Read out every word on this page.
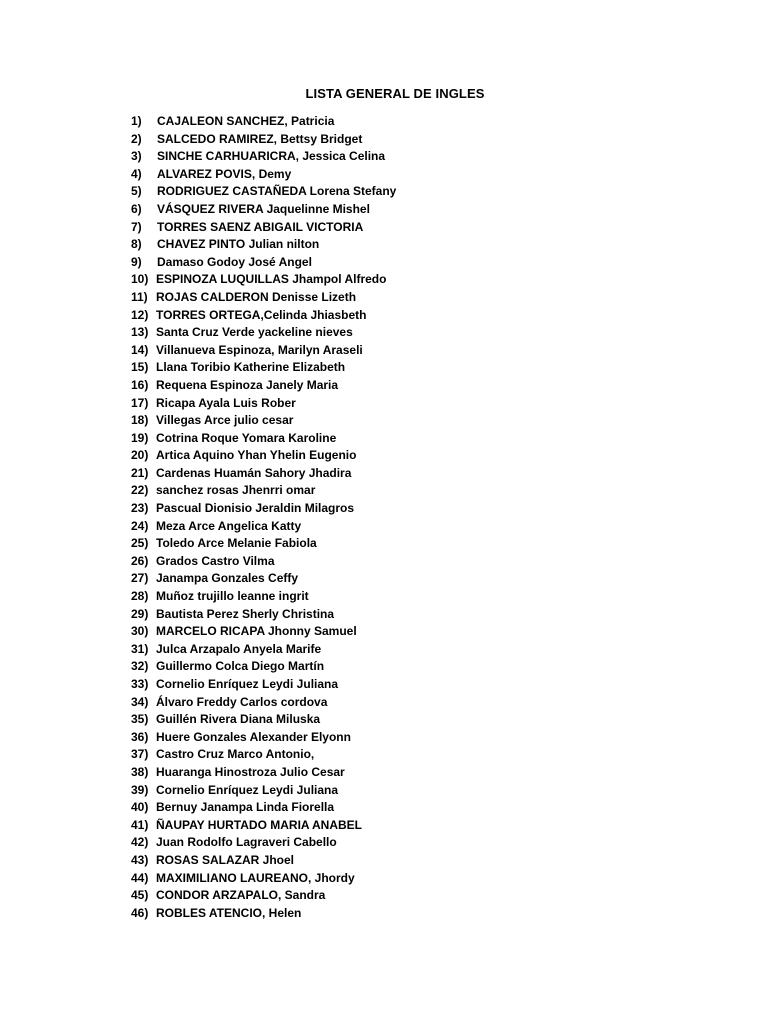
LISTA GENERAL DE INGLES
1) CAJALEON SANCHEZ, Patricia
2) SALCEDO RAMIREZ, Bettsy Bridget
3) SINCHE CARHUARICRA, Jessica Celina
4) ALVAREZ POVIS, Demy
5) RODRIGUEZ CASTAÑEDA Lorena Stefany
6) VÁSQUEZ RIVERA Jaquelinne Mishel
7) TORRES SAENZ ABIGAIL VICTORIA
8) CHAVEZ PINTO Julian nilton
9) Damaso Godoy José Angel
10) ESPINOZA LUQUILLAS Jhampol Alfredo
11) ROJAS CALDERON Denisse Lizeth
12) TORRES ORTEGA,Celinda Jhiasbeth
13) Santa Cruz Verde yackeline nieves
14) Villanueva Espinoza, Marilyn Araseli
15) Llana Toribio Katherine Elizabeth
16) Requena Espinoza Janely Maria
17) Ricapa Ayala Luis Rober
18) Villegas Arce julio cesar
19) Cotrina Roque Yomara Karoline
20) Artica Aquino Yhan Yhelin Eugenio
21) Cardenas Huamán Sahory Jhadira
22) sanchez rosas Jhenrri omar
23) Pascual Dionisio Jeraldin Milagros
24) Meza Arce Angelica Katty
25) Toledo Arce Melanie Fabiola
26) Grados Castro Vilma
27) Janampa Gonzales Ceffy
28) Muñoz trujillo leanne ingrit
29) Bautista Perez Sherly Christina
30) MARCELO RICAPA Jhonny Samuel
31) Julca Arzapalo Anyela Marife
32) Guillermo Colca Diego Martín
33) Cornelio Enríquez Leydi Juliana
34) Álvaro Freddy Carlos cordova
35) Guillén Rivera Diana Miluska
36) Huere Gonzales Alexander Elyonn
37) Castro Cruz Marco Antonio,
38) Huaranga Hinostroza Julio Cesar
39) Cornelio Enríquez Leydi Juliana
40) Bernuy Janampa Linda Fiorella
41) ÑAUPAY HURTADO MARIA ANABEL
42) Juan Rodolfo Lagraveri Cabello
43) ROSAS SALAZAR Jhoel
44) MAXIMILIANO LAUREANO, Jhordy
45) CONDOR ARZAPALO, Sandra
46) ROBLES ATENCIO, Helen
